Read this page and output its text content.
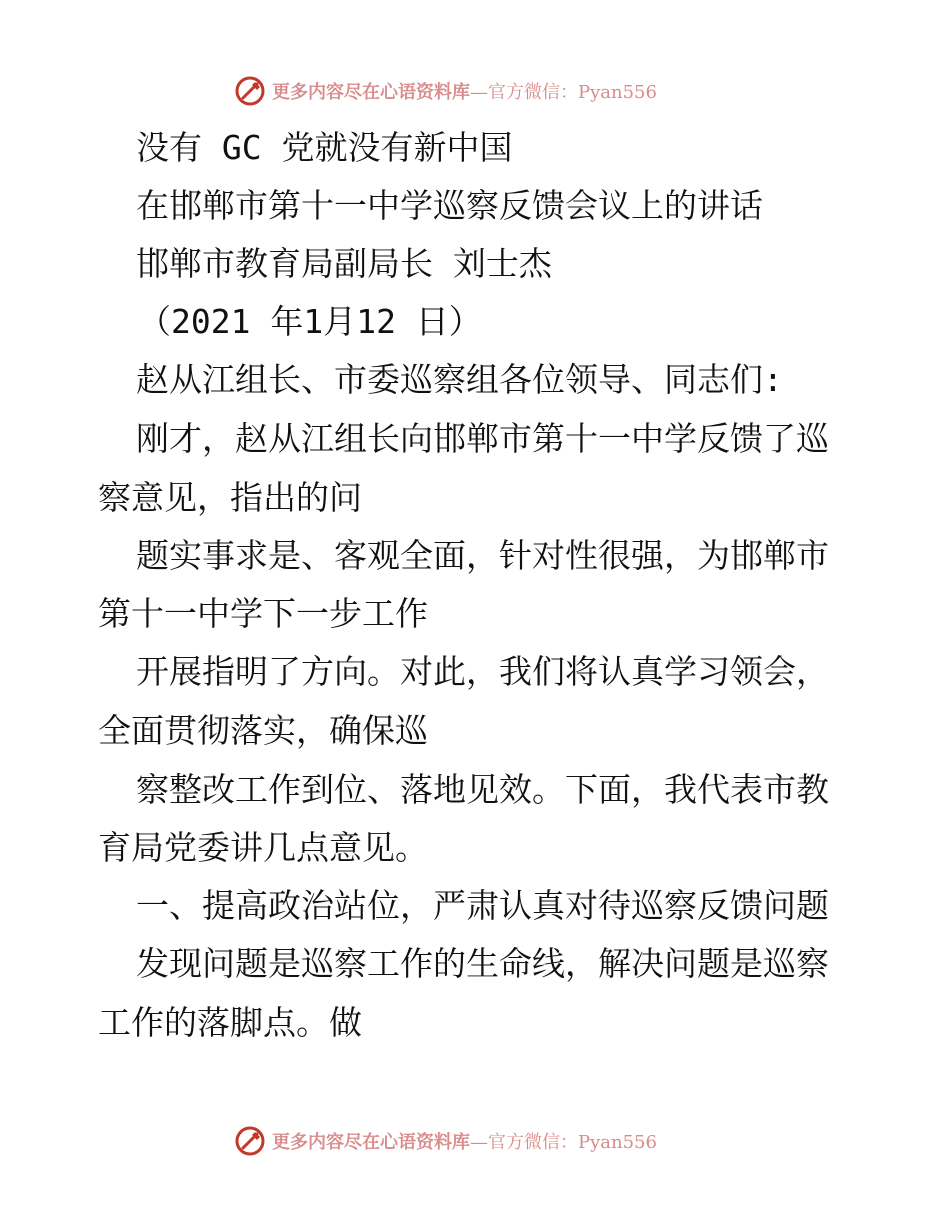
更多内容尽在心语资料库—官方微信：Pyan556
没有 GC 党就没有新中国
在邯郸市第十一中学巡察反馈会议上的讲话
邯郸市教育局副局长 刘士杰
（2021 年1月12 日）
赵从江组长、市委巡察组各位领导、同志们:
刚才，赵从江组长向邯郸市第十一中学反馈了巡
察意见，指出的问
题实事求是、客观全面，针对性很强，为邯郸市
第十一中学下一步工作
开展指明了方向。对此，我们将认真学习领会，
全面贯彻落实，确保巡
察整改工作到位、落地见效。下面，我代表市教
育局党委讲几点意见。
一、提高政治站位，严肃认真对待巡察反馈问题
发现问题是巡察工作的生命线，解决问题是巡察
工作的落脚点。做
更多内容尽在心语资料库—官方微信：Pyan556
